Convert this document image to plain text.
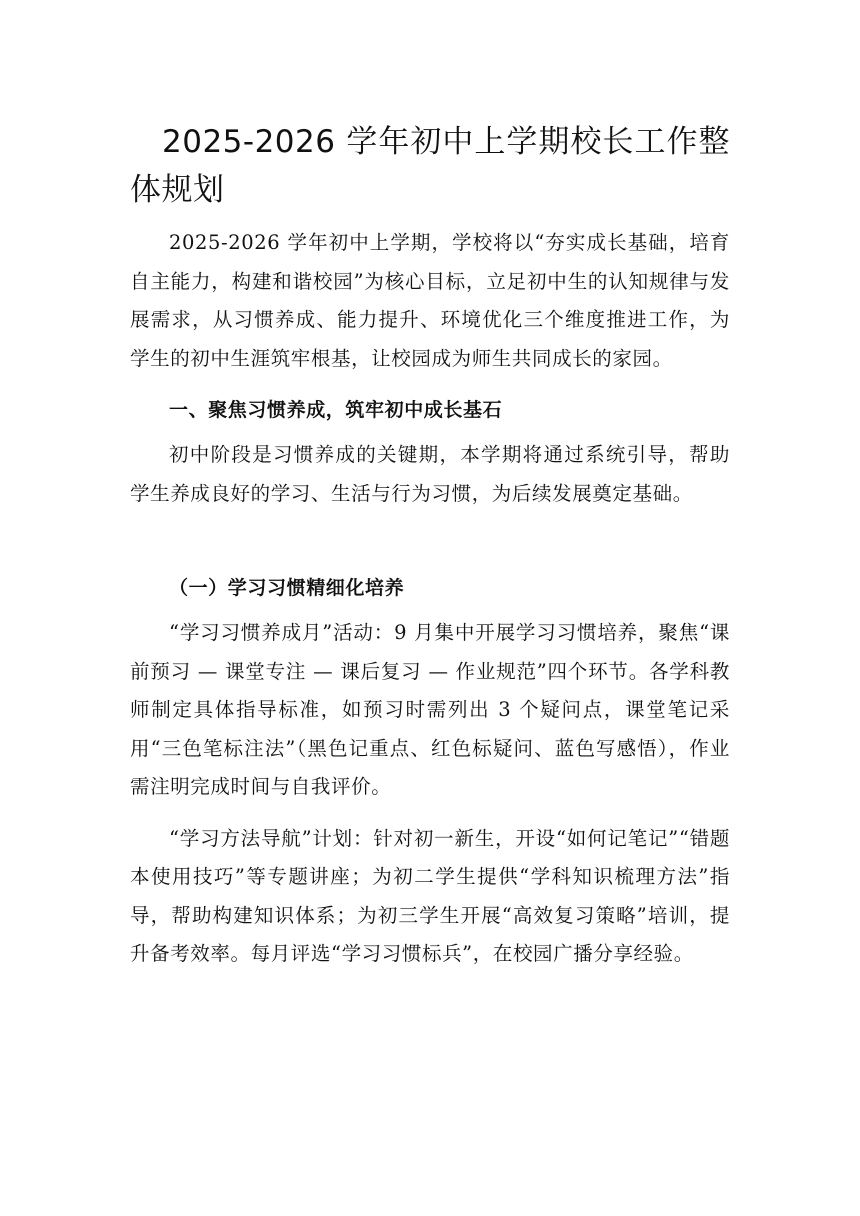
2025-2026 学年初中上学期校长工作整体规划

2025-2026 学年初中上学期，学校将以“夯实成长基础，培育自主能力，构建和谐校园”为核心目标，立足初中生的认知规律与发展需求，从习惯养成、能力提升、环境优化三个维度推进工作，为学生的初中生涯筑牢根基，让校园成为师生共同成长的家园。

一、聚焦习惯养成，筑牢初中成长基石

初中阶段是习惯养成的关键期，本学期将通过系统引导，帮助学生养成良好的学习、生活与行为习惯，为后续发展奠定基础。

（一）学习习惯精细化培养

“学习习惯养成月”活动：9 月集中开展学习习惯培养，聚焦“课前预习 — 课堂专注 — 课后复习 — 作业规范”四个环节。各学科教师制定具体指导标准，如预习时需列出 3 个疑问点，课堂笔记采用“三色笔标注法”（黑色记重点、红色标疑问、蓝色写感悟），作业需注明完成时间与自我评价。

“学习方法导航”计划：针对初一新生，开设“如何记笔记”“错题本使用技巧”等专题讲座；为初二学生提供“学科知识梳理方法”指导，帮助构建知识体系；为初三学生开展“高效复习策略”培训，提升备考效率。每月评选“学习习惯标兵”，在校园广播分享经验。
